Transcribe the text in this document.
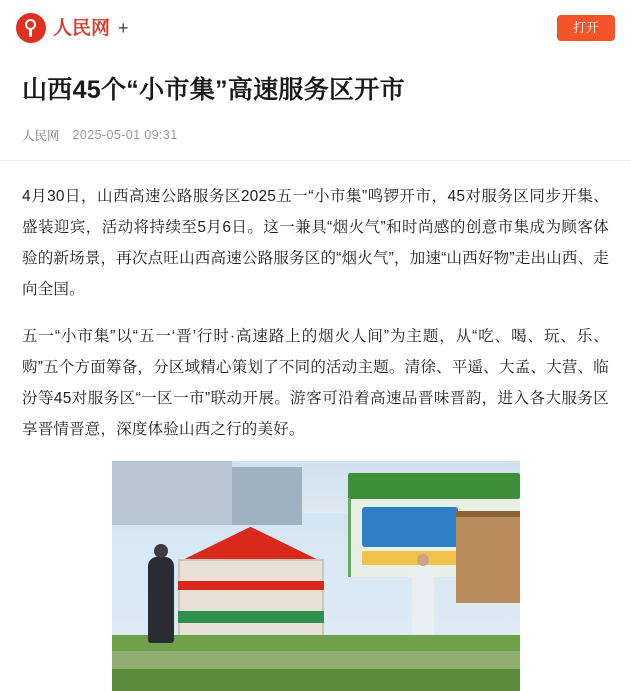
人民网 +	打开
山西45个“小市集”高速服务区开市
人民网 2025-05-01 09:31

4月30日，山西高速公路服务区2025五一“小市集”鸣锣开市，45对服务区同步开集、盛装迎宾，活动将持续至5月6日。这一兼具“烟火气”和时尚感的创意市集成为顾客体验的新场景，再次点旺山西高速公路服务区的“烟火气”，加速“山西好物”走出山西、走向全国。

五一“小市集”以“五一‘晋’行时·高速路上的烟火人间”为主题，从“吃、喝、玩、乐、购”五个方面筹备，分区域精心策划了不同的活动主题。清徐、平遥、大孟、大营、临汾等45对服务区“一区一市”联动开展。游客可沿着高速品晋味晋韵，进入各大服务区享晋情晋意，深度体验山西之行的美好。
